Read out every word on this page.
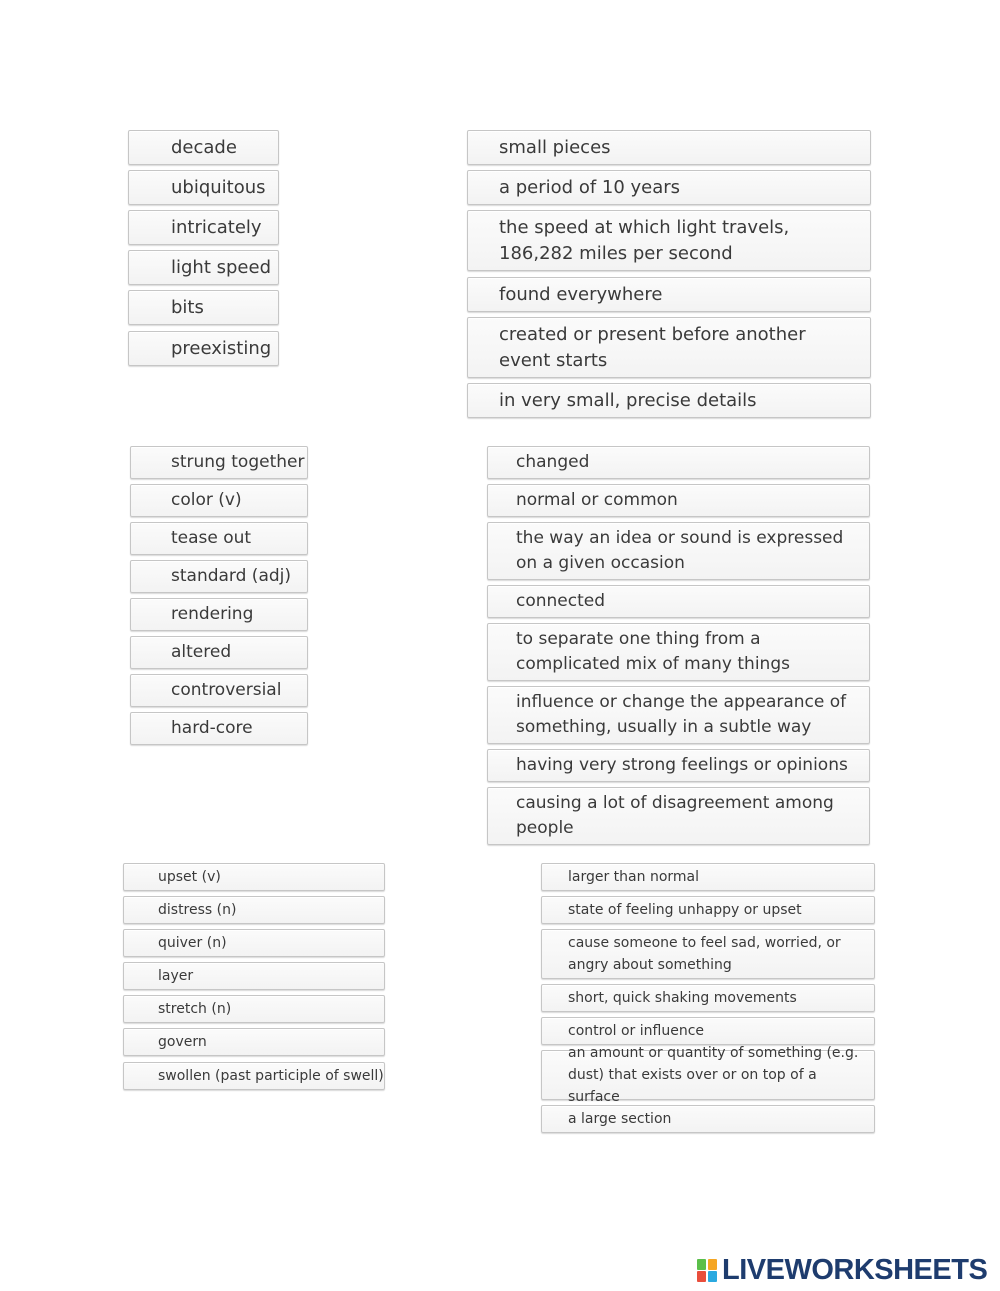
decade
ubiquitous
intricately
light speed
bits
preexisting
small pieces
a period of 10 years
the speed at which light travels, 186,282 miles per second
found everywhere
created or present before another event starts
in very small, precise details
strung together
color (v)
tease out
standard (adj)
rendering
altered
controversial
hard-core
changed
normal or common
the way an idea or sound is expressed on a given occasion
connected
to separate one thing from a complicated mix of many things
influence or change the appearance of something, usually in a subtle way
having very strong feelings or opinions
causing a lot of disagreement among people
upset (v)
distress (n)
quiver (n)
layer
stretch (n)
govern
swollen (past participle of swell)
larger than normal
state of feeling unhappy or upset
cause someone to feel sad, worried, or angry about something
short, quick shaking movements
control or influence
an amount or quantity of something (e.g. dust) that exists over or on top of a surface
a large section
LIVEWORKSHEETS
